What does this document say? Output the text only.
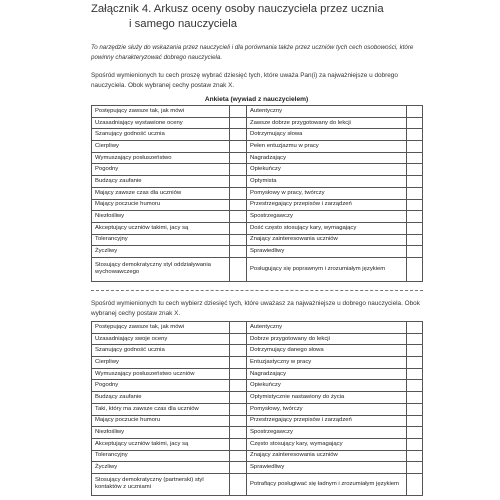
Załącznik 4. Arkusz oceny osoby nauczyciela przez ucznia
i samego nauczyciela
To narzędzie służy do wskazania przez nauczycieli i dla porównania także przez uczniów tych cech osobowości, które powinny charakteryzować dobrego nauczyciela.
Spośród wymienionych tu cech proszę wybrać dziesięć tych, które uważa Pan(i) za najważniejsze u dobrego nauczyciela. Obok wybranej cechy postaw znak X.
Ankieta (wywiad z nauczycielem)
Postępujący zawsze tak, jak mówi		Autentyczny	
Uzasadniający wystawione oceny		Zawsze dobrze przygotowany do lekcji	
Szanujący godność ucznia		Dotrzymujący słowa	
Cierpliwy		Pełen entuzjazmu w pracy	
Wymuszający posłuszeństwo		Nagradzający	
Pogodny		Opiekuńczy	
Budzący zaufanie		Optymista	
Mający zawsze czas dla uczniów		Pomysłowy w pracy, twórczy	
Mający poczucie humoru		Przestrzegający przepisów i zarządzeń	
Niezłośliwy		Spostrzegawczy	
Akceptujący uczniów takimi, jacy są		Dość często stosujący kary, wymagający	
Tolerancyjny		Znający zainteresowania uczniów	
Życzliwy		Sprawiedliwy	
Stosujący demokratyczny styl oddziaływania wychowawczego		Posługujący się poprawnym i zrozumiałym językiem	
Spośród wymienionych tu cech wybierz dziesięć tych, które uważasz za najważniejsze u dobrego nauczyciela. Obok wybranej cechy postaw znak X.
Postępujący zawsze tak, jak mówi		Autentyczny	
Uzasadniający swoje oceny		Dobrze przygotowany do lekcji	
Szanujący godność ucznia		Dotrzymujący danego słowa	
Cierpliwy		Entuzjastyczny w pracy	
Wymuszający posłuszeństwo uczniów		Nagradzający	
Pogodny		Opiekuńczy	
Budzący zaufanie		Optymistycznie nastawiony do życia	
Taki, który ma zawsze czas dla uczniów		Pomysłowy, twórczy	
Mający poczucie humoru		Przestrzegający przepisów i zarządzeń	
Niezłośliwy		Spostrzegawczy	
Akceptujący uczniów takimi, jacy są		Często stosujący kary, wymagający	
Tolerancyjny		Znający zainteresowania uczniów	
Życzliwy		Sprawiedliwy	
Stosujący demokratyczny (partnerski) styl kontaktów z uczniami		Potrafiący posługiwać się ładnym i zrozumiałym językiem	
